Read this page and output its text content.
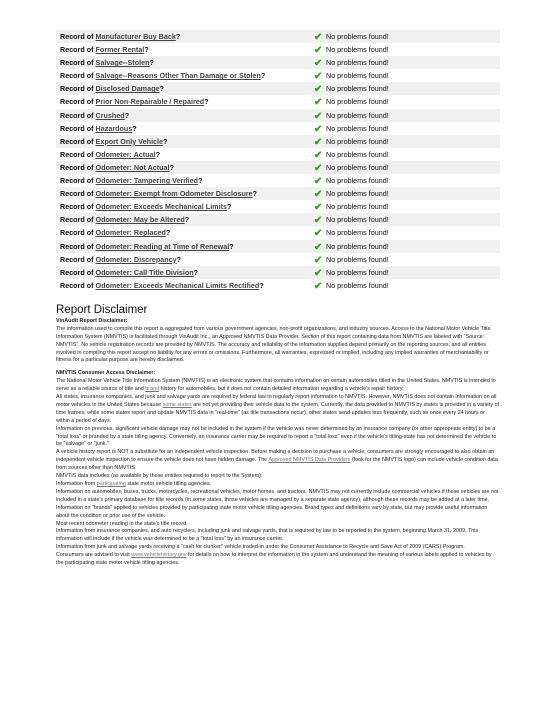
Record of Manufacturer Buy Back?	✔ No problems found!
Record of Former Rental?	✔ No problems found!
Record of Salvage--Stolen?	✔ No problems found!
Record of Salvage--Reasons Other Than Damage or Stolen?	✔ No problems found!
Record of Disclosed Damage?	✔ No problems found!
Record of Prior Non-Repairable / Repaired?	✔ No problems found!
Record of Crushed?	✔ No problems found!
Record of Hazardous?	✔ No problems found!
Record of Export Only Vehicle?	✔ No problems found!
Record of Odometer: Actual?	✔ No problems found!
Record of Odometer: Not Actual?	✔ No problems found!
Record of Odometer: Tampering Verified?	✔ No problems found!
Record of Odometer: Exempt from Odometer Disclosure?	✔ No problems found!
Record of Odometer: Exceeds Mechanical Limits?	✔ No problems found!
Record of Odometer: May be Altered?	✔ No problems found!
Record of Odometer: Replaced?	✔ No problems found!
Record of Odometer: Reading at Time of Renewal?	✔ No problems found!
Record of Odometer: Discrepancy?	✔ No problems found!
Record of Odometer: Call Title Division?	✔ No problems found!
Record of Odometer: Exceeds Mechanical Limits Rectified?	✔ No problems found!
Report Disclaimer

VinAudit Report Disclaimer:

The information used to compile this report is aggregated from various government agencies, non-profit organizations, and industry sources. Access to the National Motor Vehicle Title Information System (NMVTIS) is facilitated through VinAudit Inc., an Approved NMVTIS Data Provider. Section of this report containing data from NMVTIS are labeled with "Source: NMVTIS". No vehicle registration records are provided by NMVTIS. The accuracy and reliability of the information supplied depend primarily on the reporting sources, and all entities involved in compiling this report accept no liability for any errors or omissions. Furthermore, all warranties, expressed or implied, including any implied warranties of merchantability or fitness for a particular purpose are hereby disclaimed.

NMVTIS Consumer Access Disclaimer:

The National Motor Vehicle Title Information System (NMVTIS) is an electronic system that contains information on certain automobiles titled in the United States. NMVTIS is intended to serve as a reliable source of title and brand history for automobiles, but it does not contain detailed information regarding a vehicle's repair history.

All states, insurance companies, and junk and salvage yards are required by federal law to regularly report information to NMVTIS. However, NMVTIS does not contain information on all motor vehicles in the United States because some states are not yet providing their vehicle data to the system. Currently, the data provided to NMVTIS by states is provided in a variety of time frames; while some states report and update NMVTIS data in "real-time" (as title transactions occur), other states send updates less frequently, such as once every 24 hours or within a period of days.

Information on previous, significant vehicle damage may not be included in the system if the vehicle was never determined by an insurance company (or other appropriate entity) to be a "total loss" or branded by a state titling agency. Conversely, an insurance carrier may be required to report a "total loss" even if the vehicle's titling-state has not determined the vehicle to be "salvage" or "junk."

A vehicle history report is NOT a substitute for an independent vehicle inspection. Before making a decision to purchase a vehicle, consumers are strongly encouraged to also obtain an independent vehicle inspection to ensure the vehicle does not have hidden damage. The Approved NMVTIS Data Providers (look for the NMVTIS logo) can include vehicle condition data from sources other than NMVTIS.

NMVTIS data includes (as available by those entities required to report to the System):

Information from participating state motor vehicle titling agencies.

Information on automobiles, buses, trucks, motorcycles, recreational vehicles, motor homes, and tractors. NMVTIS may not currently include commercial vehicles if those vehicles are not included in a state's primary database for title records (in some states, those vehicles are managed by a separate state agency), although these records may be added at a later time.

Information on "brands" applied to vehicles provided by participating state motor vehicle titling agencies. Brand types and definitions vary by state, but may provide useful information about the condition or prior use of the vehicle.

Most recent odometer reading in the state's title record.

Information from insurance companies, and auto recyclers, including junk and salvage yards, that is required by law to be reported to the system, beginning March 31, 2009. This information will include if the vehicle was determined to be a "total loss" by an insurance carrier.

Information from junk and salvage yards receiving a "cash for clunker" vehicle traded-in under the Consumer Assistance to Recycle and Save Act of 2009 (CARS) Program.

Consumers are advised to visit www.vehiclehistory.gov for details on how to interpret the information in the system and understand the meaning of various labels applied to vehicles by the participating state motor vehicle titling agencies.
